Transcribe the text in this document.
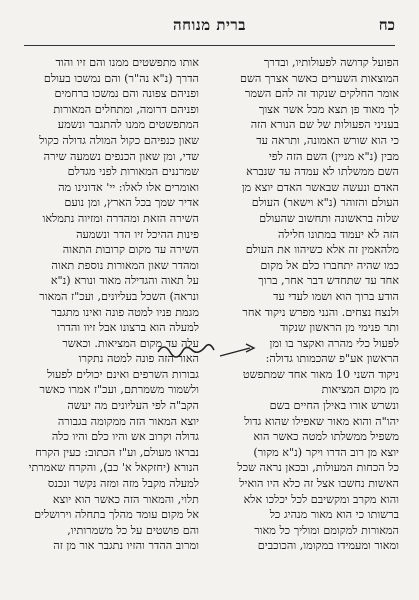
כח
ברית מנוחה
הפועל קדושה לפעולותיו, ובדרך
המוצאות השערים כאשר אצרך השם
אומר החלקים שנקוד זה להם השמר
לך מאוד פן תצא מכל אשר אצוך
בעניני הפעולות של שם הנורא הזה
כי הוא שורש האמונה, ותראה עד
מבין (נ"א מניין) השם הזה לפי
השם ממשלתו לא עמדה עד שנברא
האדם ונעשה שבאשר האדם יוצא מן
העולם והזוהר (נ"א וישאר) העולם
שלוה בראשונה ותחשוב שהעולם
הזה לא יעמוד במתונו חלילה
מלהאמין זה אלא כשיהוו את העולם
כמו שהיה יתחברו כלם אל מקום
אחד עד שתחדש דבר אחר, ברוך
הודע ברוך הוא ושמו לעדי עד
ולנצח נצחים. והנני מפרש ניקוד אחר
ותר פנימי מן הראשון שנקוד
לפעול כלי מהרה ואקצר בו ומן
הראשון אע"פ שהכמותו גדולה:
ניקוד השני 10 מאור אחד שמתפשט
מן מקום המציאות
ונשרש אורו באילן החיים בשם
יהו"ה והוא מאור שאפילו שהוא גדול
משפיל ממשלתו למטה כאשר הוא
יוצא מן רוב הדרו ויקר (נ"א מקור)
כל הכחות המעולות, ובכאן נראה שכל
האשות נחשבו אצל זה כלא היו הואיל
והוא מקרב ומקשיבם לכל יכלכו אלא
ברשותו כי הוא מאור מנהיג כל
המאורות למקומם ומוליך כל מאור
ומאור ומעמידו במקומו, והכוכבים
אותו מתפשטים ממנו והם זיו והוד
הדרך (נ"א נה"ר) והם נמשכו בעולם
ופניהם צפונה והם נמשכו ברחמים
ופניהם דרומה, ומתחלים המאורות
המתפשטים ממנו להתגבר ונשמע
שאון כנפיהם כקול המולה גדולה כקול
שדי, ומן שאון הכנפים נשמעה שירה
שמרננים המאורות לפני מגדלם
ואומרים אלו לאלו: יי' אדונינו מה
אדיר שמך בכל הארץ, ומן נועם
השירה הזאת ומהדרה ומזיוה נתמלאו
פינות ההיכל זיו הדר ונשמעה
השירה עד מקום קרובות התאוה
ומהדר שאון המאורות נוספת תאוה
על תאוה והגדילה מאוד ונורא (נ"א
ונראה) השכל בעליונים, ועכ"ז המאור
מגמת פניו למטה פונה ואינו מתגבר
למעלה הוא ברצונו אבל זיוו והדרו
עלה עד מקום המציאות. וכאשר
האור הזה פונה למטה נתקרו
גבורות השרפים ואינם יכולים לפעול
ולשמור משמרתם, ועכ"ז אמרו כאשר
הקב"ה לפי העליונים מה יעשה
יוצא המאור הזה ממקומה בגבורה
גדולה וקרוב אש והיו כלם והיו כלה
נבראו מעולם, וע"ז הכתוב: כעין הקרח
הנורא (יחזקאל א' כב), והקרח שאמרתי
למעלה מקבל מזה ומזה נקשר ונכנס
תלוי, והמאור הזה כאשר הוא יוצא
אל מקום עומד מהלך בתחלה וירושלים
והם פושטים על כל משמרותיו,
ומרוב ההדר והזיו נתגבר אור מן זה
